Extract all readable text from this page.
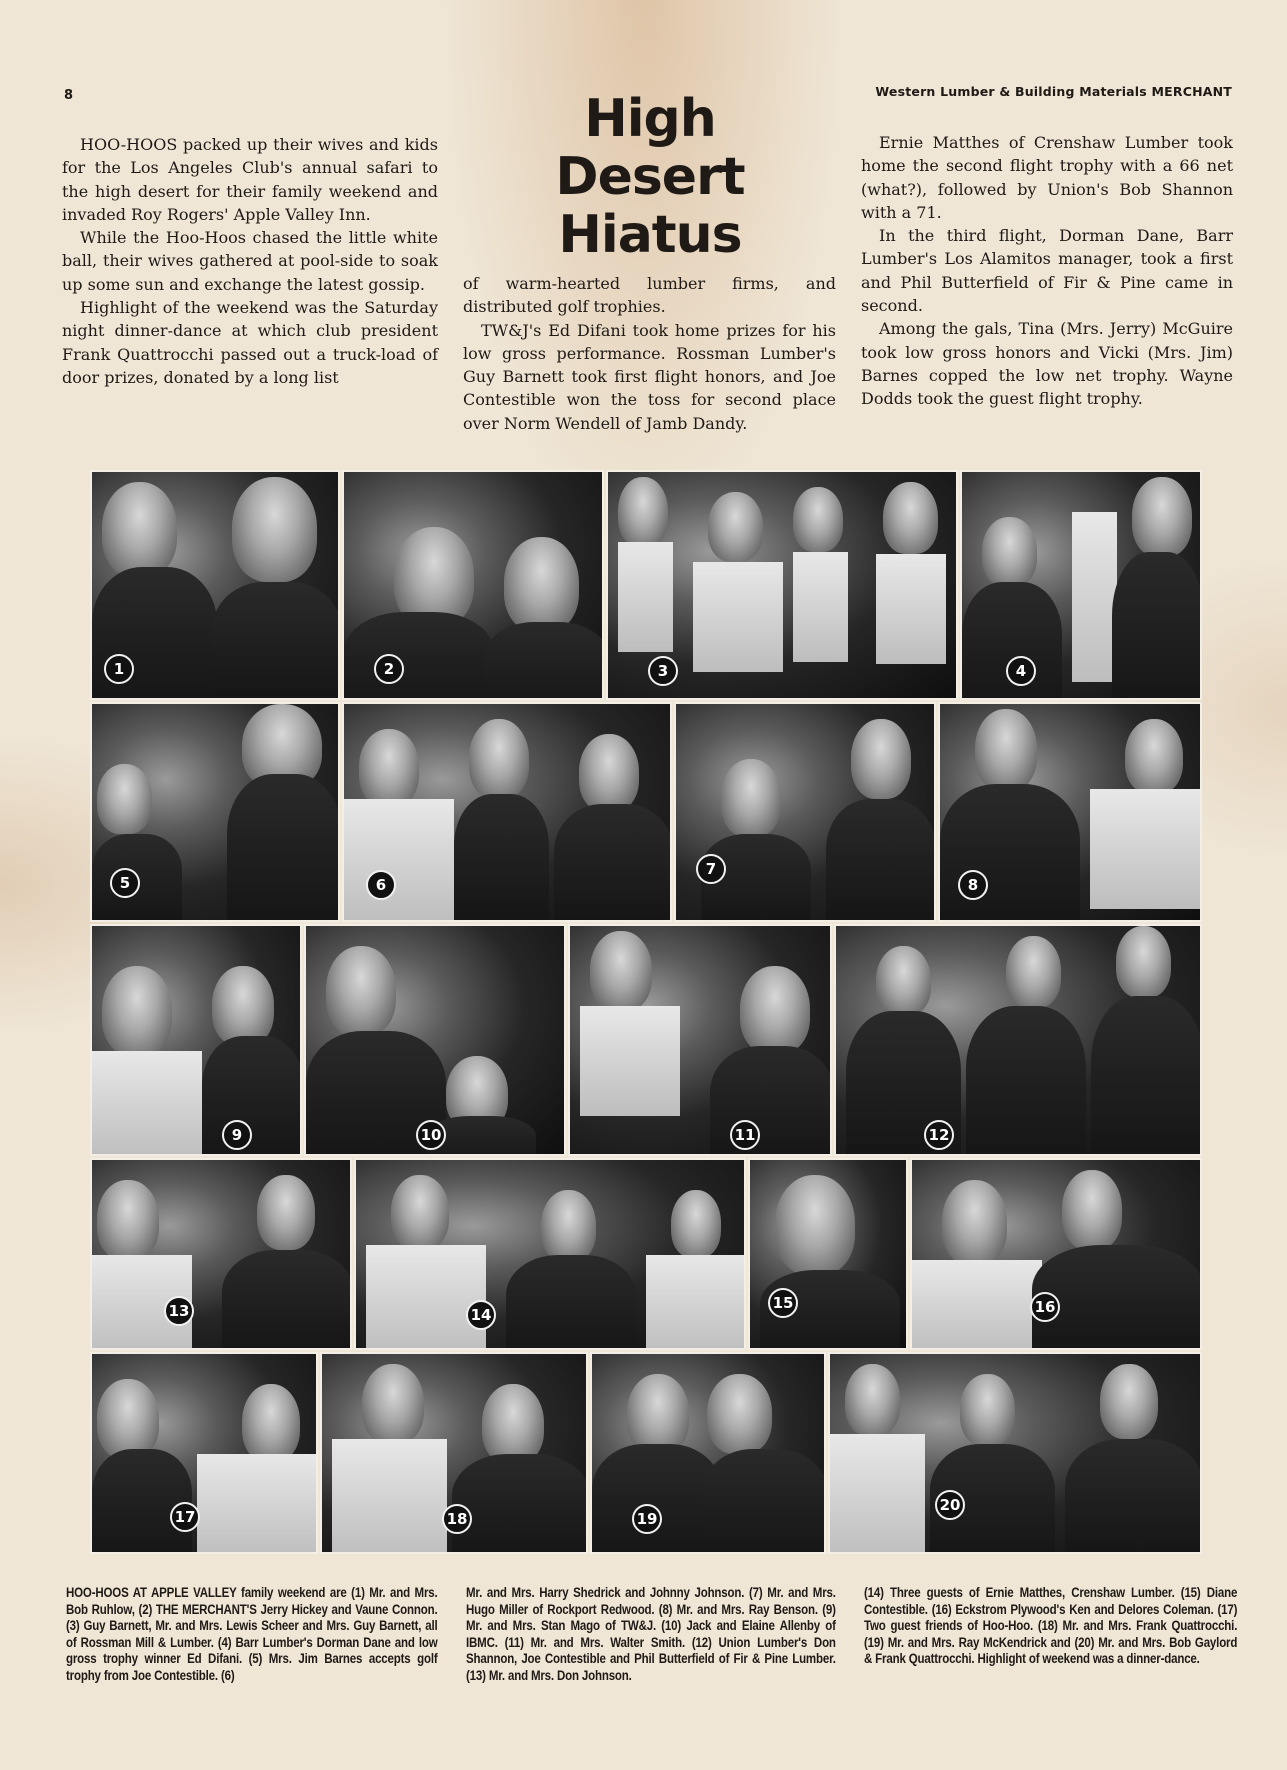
8	Western Lumber & Building Materials MERCHANT
High
Desert
Hiatus

HOO-HOOS packed up their wives and kids for the Los Angeles Club's annual safari to the high desert for their family weekend and invaded Roy Rogers' Apple Valley Inn.

While the Hoo-Hoos chased the little white ball, their wives gathered at pool-side to soak up some sun and exchange the latest gossip.

Highlight of the weekend was the Saturday night dinner-dance at which club president Frank Quattrocchi passed out a truck-load of door prizes, donated by a long list

of warm-hearted lumber firms, and distributed golf trophies.

TW&J's Ed Difani took home prizes for his low gross performance. Rossman Lumber's Guy Barnett took first flight honors, and Joe Contestible won the toss for second place over Norm Wendell of Jamb Dandy.

Ernie Matthes of Crenshaw Lumber took home the second flight trophy with a 66 net (what?), followed by Union's Bob Shannon with a 71.

In the third flight, Dorman Dane, Barr Lumber's Los Alamitos manager, took a first and Phil Butterfield of Fir & Pine came in second.

Among the gals, Tina (Mrs. Jerry) McGuire took low gross honors and Vicki (Mrs. Jim) Barnes copped the low net trophy. Wayne Dodds took the guest flight trophy.

1	2	3	4
5	6
7
8
9	10	11	12
13	14
15	16
17	18	19
20
HOO-HOOS AT APPLE VALLEY family weekend are (1) Mr. and Mrs. Bob Ruhlow, (2) THE MERCHANT'S Jerry Hickey and Vaune Connon. (3) Guy Barnett, Mr. and Mrs. Lewis Scheer and Mrs. Guy Barnett, all of Rossman Mill & Lumber. (4) Barr Lumber's Dorman Dane and low gross trophy winner Ed Difani. (5) Mrs. Jim Barnes accepts golf trophy from Joe Contestible. (6)
Mr. and Mrs. Harry Shedrick and Johnny Johnson. (7) Mr. and Mrs. Hugo Miller of Rockport Redwood. (8) Mr. and Mrs. Ray Benson. (9) Mr. and Mrs. Stan Mago of TW&J. (10) Jack and Elaine Allenby of IBMC. (11) Mr. and Mrs. Walter Smith. (12) Union Lumber's Don Shannon, Joe Contestible and Phil Butterfield of Fir & Pine Lumber. (13) Mr. and Mrs. Don Johnson.
(14) Three guests of Ernie Matthes, Crenshaw Lumber. (15) Diane Contestible. (16) Eckstrom Plywood's Ken and Delores Coleman. (17) Two guest friends of Hoo-Hoo. (18) Mr. and Mrs. Frank Quattrocchi. (19) Mr. and Mrs. Ray McKendrick and (20) Mr. and Mrs. Bob Gaylord & Frank Quattrocchi. Highlight of weekend was a dinner-dance.
